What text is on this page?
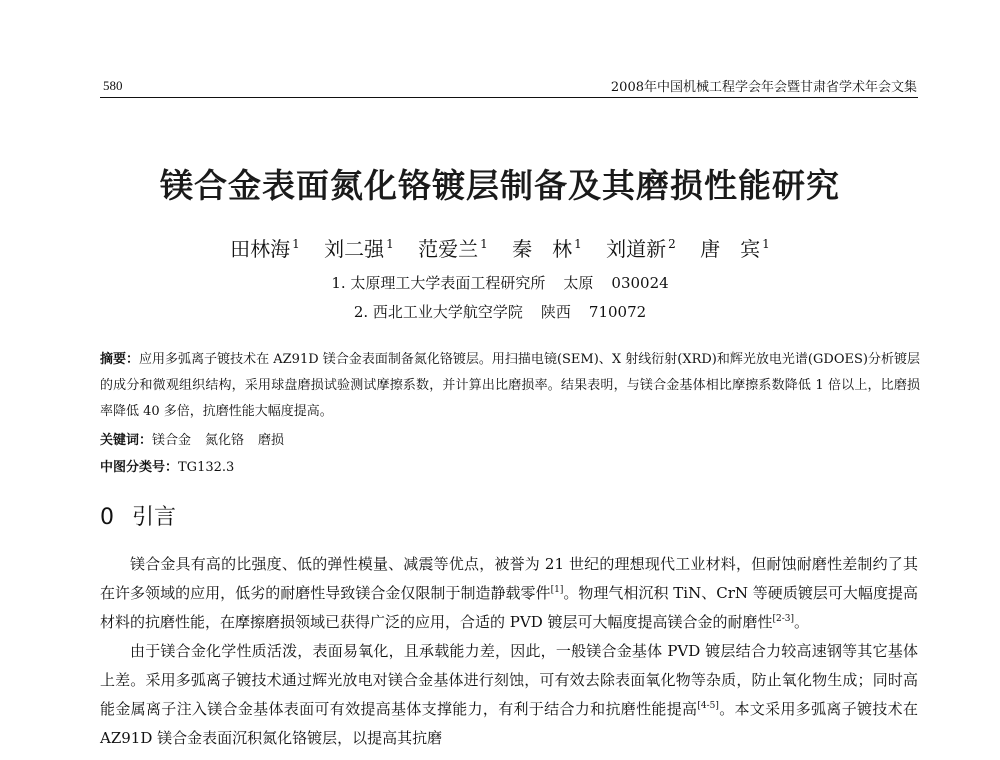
580	2008年中国机械工程学会年会暨甘肃省学术年会文集
镁合金表面氮化铬镀层制备及其磨损性能研究
田林海 $^1$ 刘二强 $^1$ 范爱兰 $^1$ 秦　林 $^1$ 刘道新 $^2$ 唐　宾 $^1$
1. 太原理工大学表面工程研究所 太原 030024
2. 西北工业大学航空学院 陕西 710072
摘要：应用多弧离子镀技术在 AZ91D 镁合金表面制备氮化铬镀层。用扫描电镜(SEM)、X 射线衍射(XRD)和辉光放电光谱(GDOES)分析镀层的成分和微观组织结构，采用球盘磨损试验测试摩擦系数，并计算出比磨损率。结果表明，与镁合金基体相比摩擦系数降低 1 倍以上，比磨损率降低 40 多倍，抗磨性能大幅度提高。
关键词：镁合金 氮化铬 磨损
中图分类号：TG132.3
0 引言

镁合金具有高的比强度、低的弹性模量、减震等优点，被誉为 21 世纪的理想现代工业材料，但耐蚀耐磨性差制约了其在许多领域的应用，低劣的耐磨性导致镁合金仅限制于制造静载零件[1]。物理气相沉积 TiN、CrN 等硬质镀层可大幅度提高材料的抗磨性能，在摩擦磨损领域已获得广泛的应用，合适的 PVD 镀层可大幅度提高镁合金的耐磨性[2-3]。

由于镁合金化学性质活泼，表面易氧化，且承载能力差，因此，一般镁合金基体 PVD 镀层结合力较高速钢等其它基体上差。采用多弧离子镀技术通过辉光放电对镁合金基体进行刻蚀，可有效去除表面氧化物等杂质，防止氧化物生成；同时高能金属离子注入镁合金基体表面可有效提高基体支撑能力，有利于结合力和抗磨性能提高[4-5]。本文采用多弧离子镀技术在 AZ91D 镁合金表面沉积氮化铬镀层，以提高其抗磨
